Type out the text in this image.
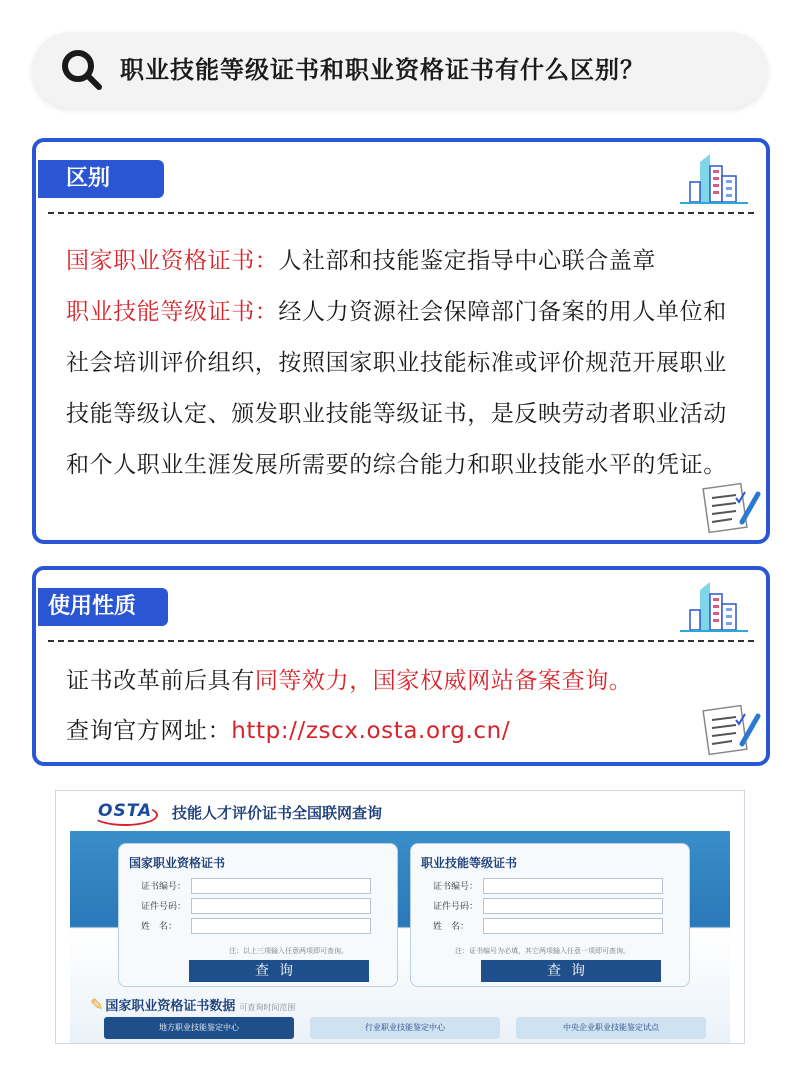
职业技能等级证书和职业资格证书有什么区别？
区别
国家职业资格证书：人社部和技能鉴定指导中心联合盖章
职业技能等级证书：经人力资源社会保障部门备案的用人单位和社会培训评价组织，按照国家职业技能标准或评价规范开展职业技能等级认定、颁发职业技能等级证书，是反映劳动者职业活动和个人职业生涯发展所需要的综合能力和职业技能水平的凭证。
使用性质
证书改革前后具有同等效力，国家权威网站备案查询。
查询官方网址：http://zscx.osta.org.cn/
OSTA 技能人才评价证书全国联网查询
国家职业资格证书
证书编号：
证件号码：
姓　名：
注：以上三项输入任意两项即可查询。
查询
职业技能等级证书
证书编号：
证件号码：
姓　名：
注：证书编号为必填，其它两项输入任意一项即可查询。
查询
✎ 国家职业资格证书数据 可查询时间范围
地方职业技能鉴定中心	行业职业技能鉴定中心	中央企业职业技能鉴定试点
